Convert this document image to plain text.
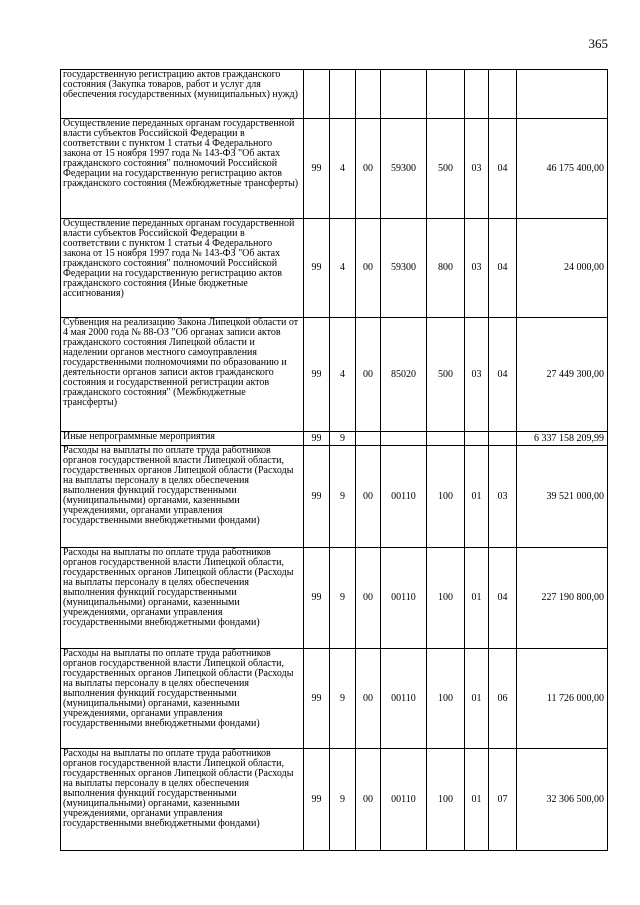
365
государственную регистрацию актов гражданского состояния (Закупка товаров, работ и услуг для обеспечения государственных (муниципальных) нужд)								
Осуществление переданных органам государственной власти субъектов Российской Федерации в соответствии с пунктом 1 статьи 4 Федерального закона от 15 ноября 1997 года № 143-ФЗ "Об актах гражданского состояния" полномочий Российской Федерации на государственную регистрацию актов гражданского состояния (Межбюджетные трансферты)	99	4	00	59300	500	03	04	46 175 400,00
Осуществление переданных органам государственной власти субъектов Российской Федерации в соответствии с пунктом 1 статьи 4 Федерального закона от 15 ноября 1997 года № 143-ФЗ "Об актах гражданского состояния" полномочий Российской Федерации на государственную регистрацию актов гражданского состояния (Иные бюджетные ассигнования)	99	4	00	59300	800	03	04	24 000,00
Субвенция на реализацию Закона Липецкой области от 4 мая 2000 года № 88-ОЗ "Об органах записи актов гражданского состояния Липецкой области и наделении органов местного самоуправления государственными полномочиями по образованию и деятельности органов записи актов гражданского состояния и государственной регистрации актов гражданского состояния" (Межбюджетные трансферты)	99	4	00	85020	500	03	04	27 449 300,00
Иные непрограммные мероприятия	99	9						6 337 158 209,99
Расходы на выплаты по оплате труда работников органов государственной власти Липецкой области, государственных органов Липецкой области (Расходы на выплаты персоналу в целях обеспечения выполнения функций государственными (муниципальными) органами, казенными учреждениями, органами управления государственными внебюджетными фондами)	99	9	00	00110	100	01	03	39 521 000,00
Расходы на выплаты по оплате труда работников органов государственной власти Липецкой области, государственных органов Липецкой области (Расходы на выплаты персоналу в целях обеспечения выполнения функций государственными (муниципальными) органами, казенными учреждениями, органами управления государственными внебюджетными фондами)	99	9	00	00110	100	01	04	227 190 800,00
Расходы на выплаты по оплате труда работников органов государственной власти Липецкой области, государственных органов Липецкой области (Расходы на выплаты персоналу в целях обеспечения выполнения функций государственными (муниципальными) органами, казенными учреждениями, органами управления государственными внебюджетными фондами)	99	9	00	00110	100	01	06	11 726 000,00
Расходы на выплаты по оплате труда работников органов государственной власти Липецкой области, государственных органов Липецкой области (Расходы на выплаты персоналу в целях обеспечения выполнения функций государственными (муниципальными) органами, казенными учреждениями, органами управления государственными внебюджетными фондами)	99	9	00	00110	100	01	07	32 306 500,00
